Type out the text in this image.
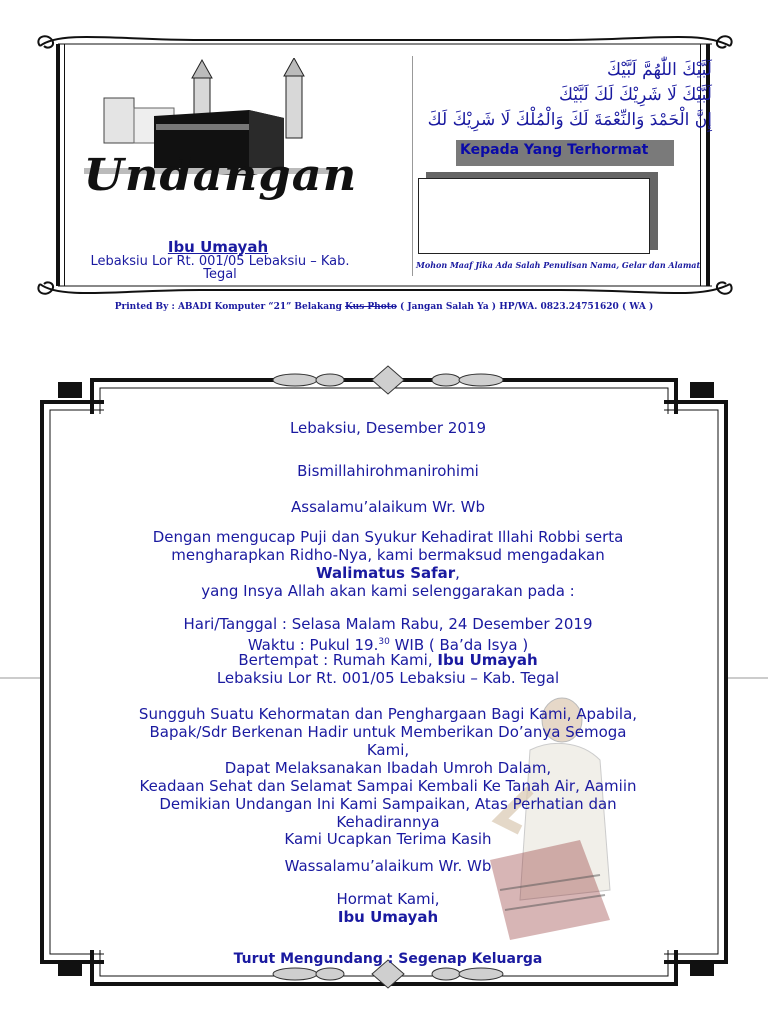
Undangan
Ibu Umayah
Lebaksiu Lor Rt. 001/05 Lebaksiu – Kab. Tegal
لَبَّيْكَ اللّٰهُمَّ لَبَّيْكَ
لَبَّيْكَ لَا شَرِيْكَ لَكَ لَبَّيْكَ
إِنَّ الْحَمْدَ وَالنِّعْمَةَ لَكَ وَالْمُلْكَ لَا شَرِيْكَ لَكَ
Kepada Yang Terhormat
Mohon Maaf Jika Ada Salah Penulisan Nama, Gelar dan Alamat
Printed By : ABADI Komputer “21” Belakang Kus Photo ( Jangan Salah Ya ) HP/WA. 0823.24751620 ( WA )
Lebaksiu, Desember 2019
Bismillahirohmanirohimi
Assalamu’alaikum Wr. Wb
Dengan mengucap Puji dan Syukur Kehadirat Illahi Robbi serta
mengharapkan Ridho-Nya, kami bermaksud mengadakan
Walimatus Safar,
yang Insya Allah akan kami selenggarakan pada :
Hari/Tanggal : Selasa Malam Rabu, 24 Desember 2019
Waktu : Pukul 19.30 WIB ( Ba’da Isya )
Bertempat : Rumah Kami, Ibu Umayah
Lebaksiu Lor Rt. 001/05 Lebaksiu – Kab. Tegal
Sungguh Suatu Kehormatan dan Penghargaan Bagi Kami, Apabila,
Bapak/Sdr Berkenan Hadir untuk Memberikan Do’anya Semoga
Kami,
Dapat Melaksanakan Ibadah Umroh Dalam,
Keadaan Sehat dan Selamat Sampai Kembali Ke Tanah Air, Aamiin
Demikian Undangan Ini Kami Sampaikan, Atas Perhatian dan
Kehadirannya
Kami Ucapkan Terima Kasih
Wassalamu’alaikum Wr. Wb
Hormat Kami,
Ibu Umayah
Turut Mengundang : Segenap Keluarga
